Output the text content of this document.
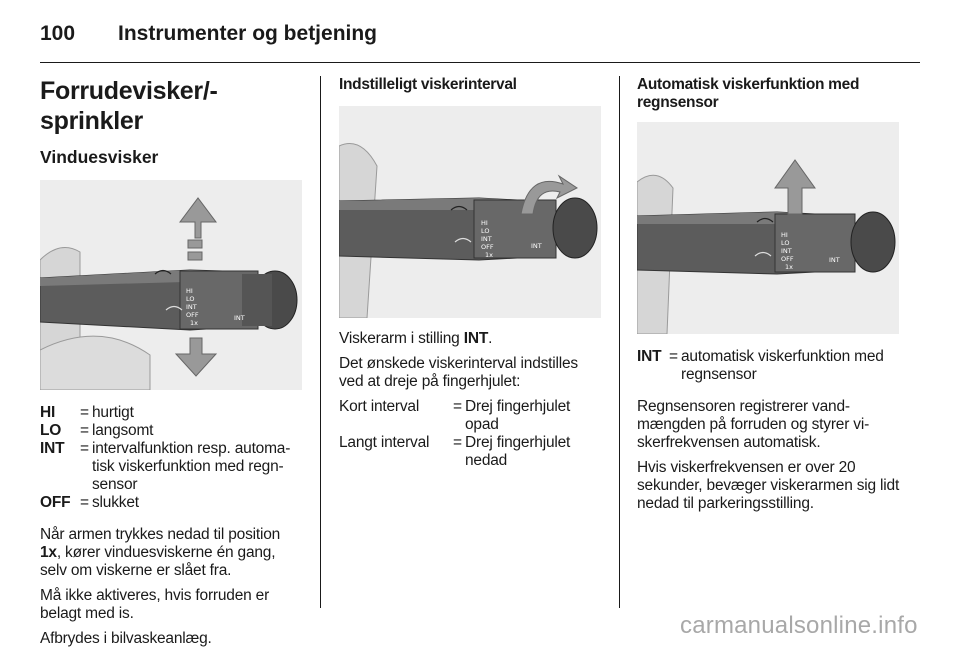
100 Instrumenter og betjening
Forrudevisker/-sprinkler
Vinduesvisker
HI
LO
INT
OFF
1x
INT
HI	=	hurtigt
LO	=	langsomt
INT	=	intervalfunktion resp. automa-tisk viskerfunktion med regn-sensor
OFF	=	slukket

Når armen trykkes nedad til position 1x, kører vinduesviskerne én gang, selv om viskerne er slået fra.

Må ikke aktiveres, hvis forruden er belagt med is.

Afbrydes i bilvaskeanlæg.

Indstilleligt viskerinterval
HI
LO
INT
OFF
1x
INT

Viskerarm i stilling INT.

Det ønskede viskerinterval indstilles ved at dreje på fingerhjulet:

Kort interval	=	Drej fingerhjulet opad
Langt interval	=	Drej fingerhjulet nedad
Automatisk viskerfunktion med regnsensor
HI
LO
INT
OFF
1x
INT
INT	=	automatisk viskerfunktion med regnsensor

Regnsensoren registrerer vand-mængden på forruden og styrer vi-skerfrekvensen automatisk.

Hvis viskerfrekvensen er over 20 sekunder, bevæger viskerarmen sig lidt nedad til parkeringsstilling.

carmanualsonline.info
